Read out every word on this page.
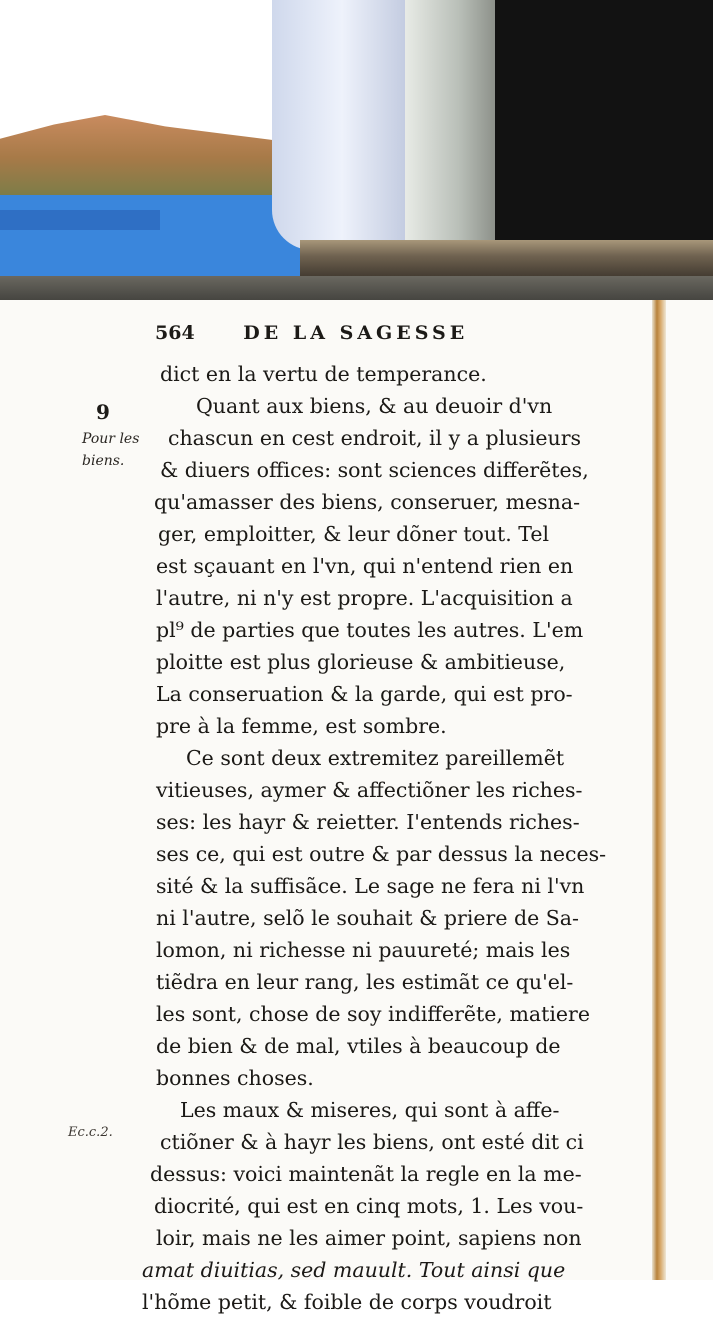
564	DE LA SAGESSE
9
Pour les
biens.
Ec.c.2.
dict en la vertu de temperance.
Quant aux biens, & au deuoir d'vn
chascun en cest endroit, il y a plusieurs
& diuers offices: sont sciences differẽtes,
qu'amasser des biens, conseruer, mesna-
ger, emploitter, & leur dõner tout. Tel
est sçauant en l'vn, qui n'entend rien en
l'autre, ni n'y est propre. L'acquisition a
pl⁹ de parties que toutes les autres. L'em
ploitte est plus glorieuse & ambitieuse,
La conseruation & la garde, qui est pro-
pre à la femme, est sombre.
Ce sont deux extremitez pareillemẽt
vitieuses, aymer & affectiõner les riches-
ses: les hayr & reietter. I'entends riches-
ses ce, qui est outre & par dessus la neces-
sité & la suffisãce. Le sage ne fera ni l'vn
ni l'autre, selõ le souhait & priere de Sa-
lomon, ni richesse ni pauureté; mais les
tiẽdra en leur rang, les estimãt ce qu'el-
les sont, chose de soy indifferẽte, matiere
de bien & de mal, vtiles à beaucoup de
bonnes choses.
Les maux & miseres, qui sont à affe-
ctiõner & à hayr les biens, ont esté dit ci
dessus: voici maintenãt la regle en la me-
diocrité, qui est en cinq mots, 1. Les vou-
loir, mais ne les aimer point, sapiens non
amat diuitias, sed mauult. Tout ainsi que
l'hõme petit, & foible de corps voudroit
